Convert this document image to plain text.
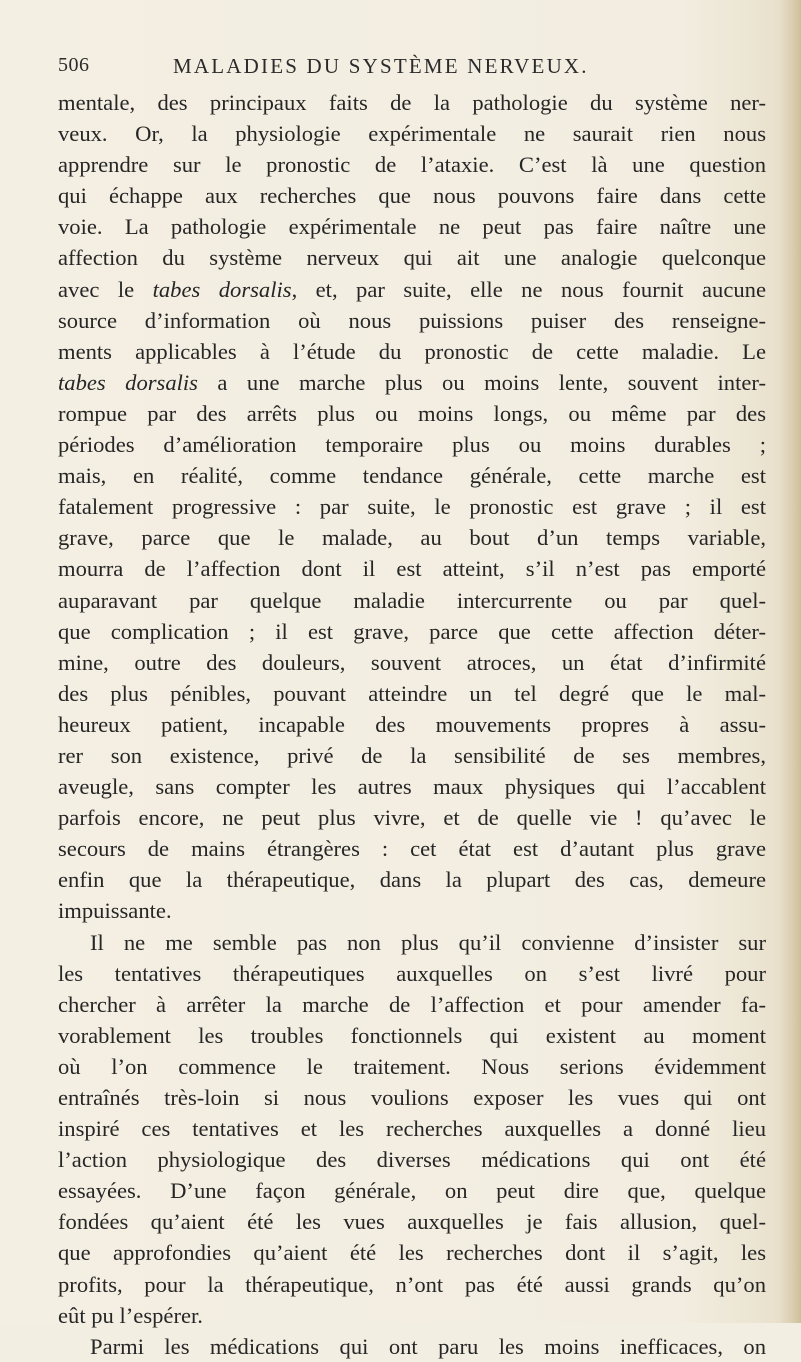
506	MALADIES DU SYSTÈME NERVEUX.

mentale, des principaux faits de la pathologie du système ner-
veux. Or, la physiologie expérimentale ne saurait rien nous
apprendre sur le pronostic de l’ataxie. C’est là une question
qui échappe aux recherches que nous pouvons faire dans cette
voie. La pathologie expérimentale ne peut pas faire naître une
affection du système nerveux qui ait une analogie quelconque
avec le tabes dorsalis, et, par suite, elle ne nous fournit aucune
source d’information où nous puissions puiser des renseigne-
ments applicables à l’étude du pronostic de cette maladie. Le
tabes dorsalis a une marche plus ou moins lente, souvent inter-
rompue par des arrêts plus ou moins longs, ou même par des
périodes d’amélioration temporaire plus ou moins durables ;
mais, en réalité, comme tendance générale, cette marche est
fatalement progressive : par suite, le pronostic est grave ; il est
grave, parce que le malade, au bout d’un temps variable,
mourra de l’affection dont il est atteint, s’il n’est pas emporté
auparavant par quelque maladie intercurrente ou par quel-
que complication ; il est grave, parce que cette affection déter-
mine, outre des douleurs, souvent atroces, un état d’infirmité
des plus pénibles, pouvant atteindre un tel degré que le mal-
heureux patient, incapable des mouvements propres à assu-
rer son existence, privé de la sensibilité de ses membres,
aveugle, sans compter les autres maux physiques qui l’accablent
parfois encore, ne peut plus vivre, et de quelle vie ! qu’avec le
secours de mains étrangères : cet état est d’autant plus grave
enfin que la thérapeutique, dans la plupart des cas, demeure
impuissante.

Il ne me semble pas non plus qu’il convienne d’insister sur
les tentatives thérapeutiques auxquelles on s’est livré pour
chercher à arrêter la marche de l’affection et pour amender fa-
vorablement les troubles fonctionnels qui existent au moment
où l’on commence le traitement. Nous serions évidemment
entraînés très-loin si nous voulions exposer les vues qui ont
inspiré ces tentatives et les recherches auxquelles a donné lieu
l’action physiologique des diverses médications qui ont été
essayées. D’une façon générale, on peut dire que, quelque
fondées qu’aient été les vues auxquelles je fais allusion, quel-
que approfondies qu’aient été les recherches dont il s’agit, les
profits, pour la thérapeutique, n’ont pas été aussi grands qu’on
eût pu l’espérer.

Parmi les médications qui ont paru les moins inefficaces, on
